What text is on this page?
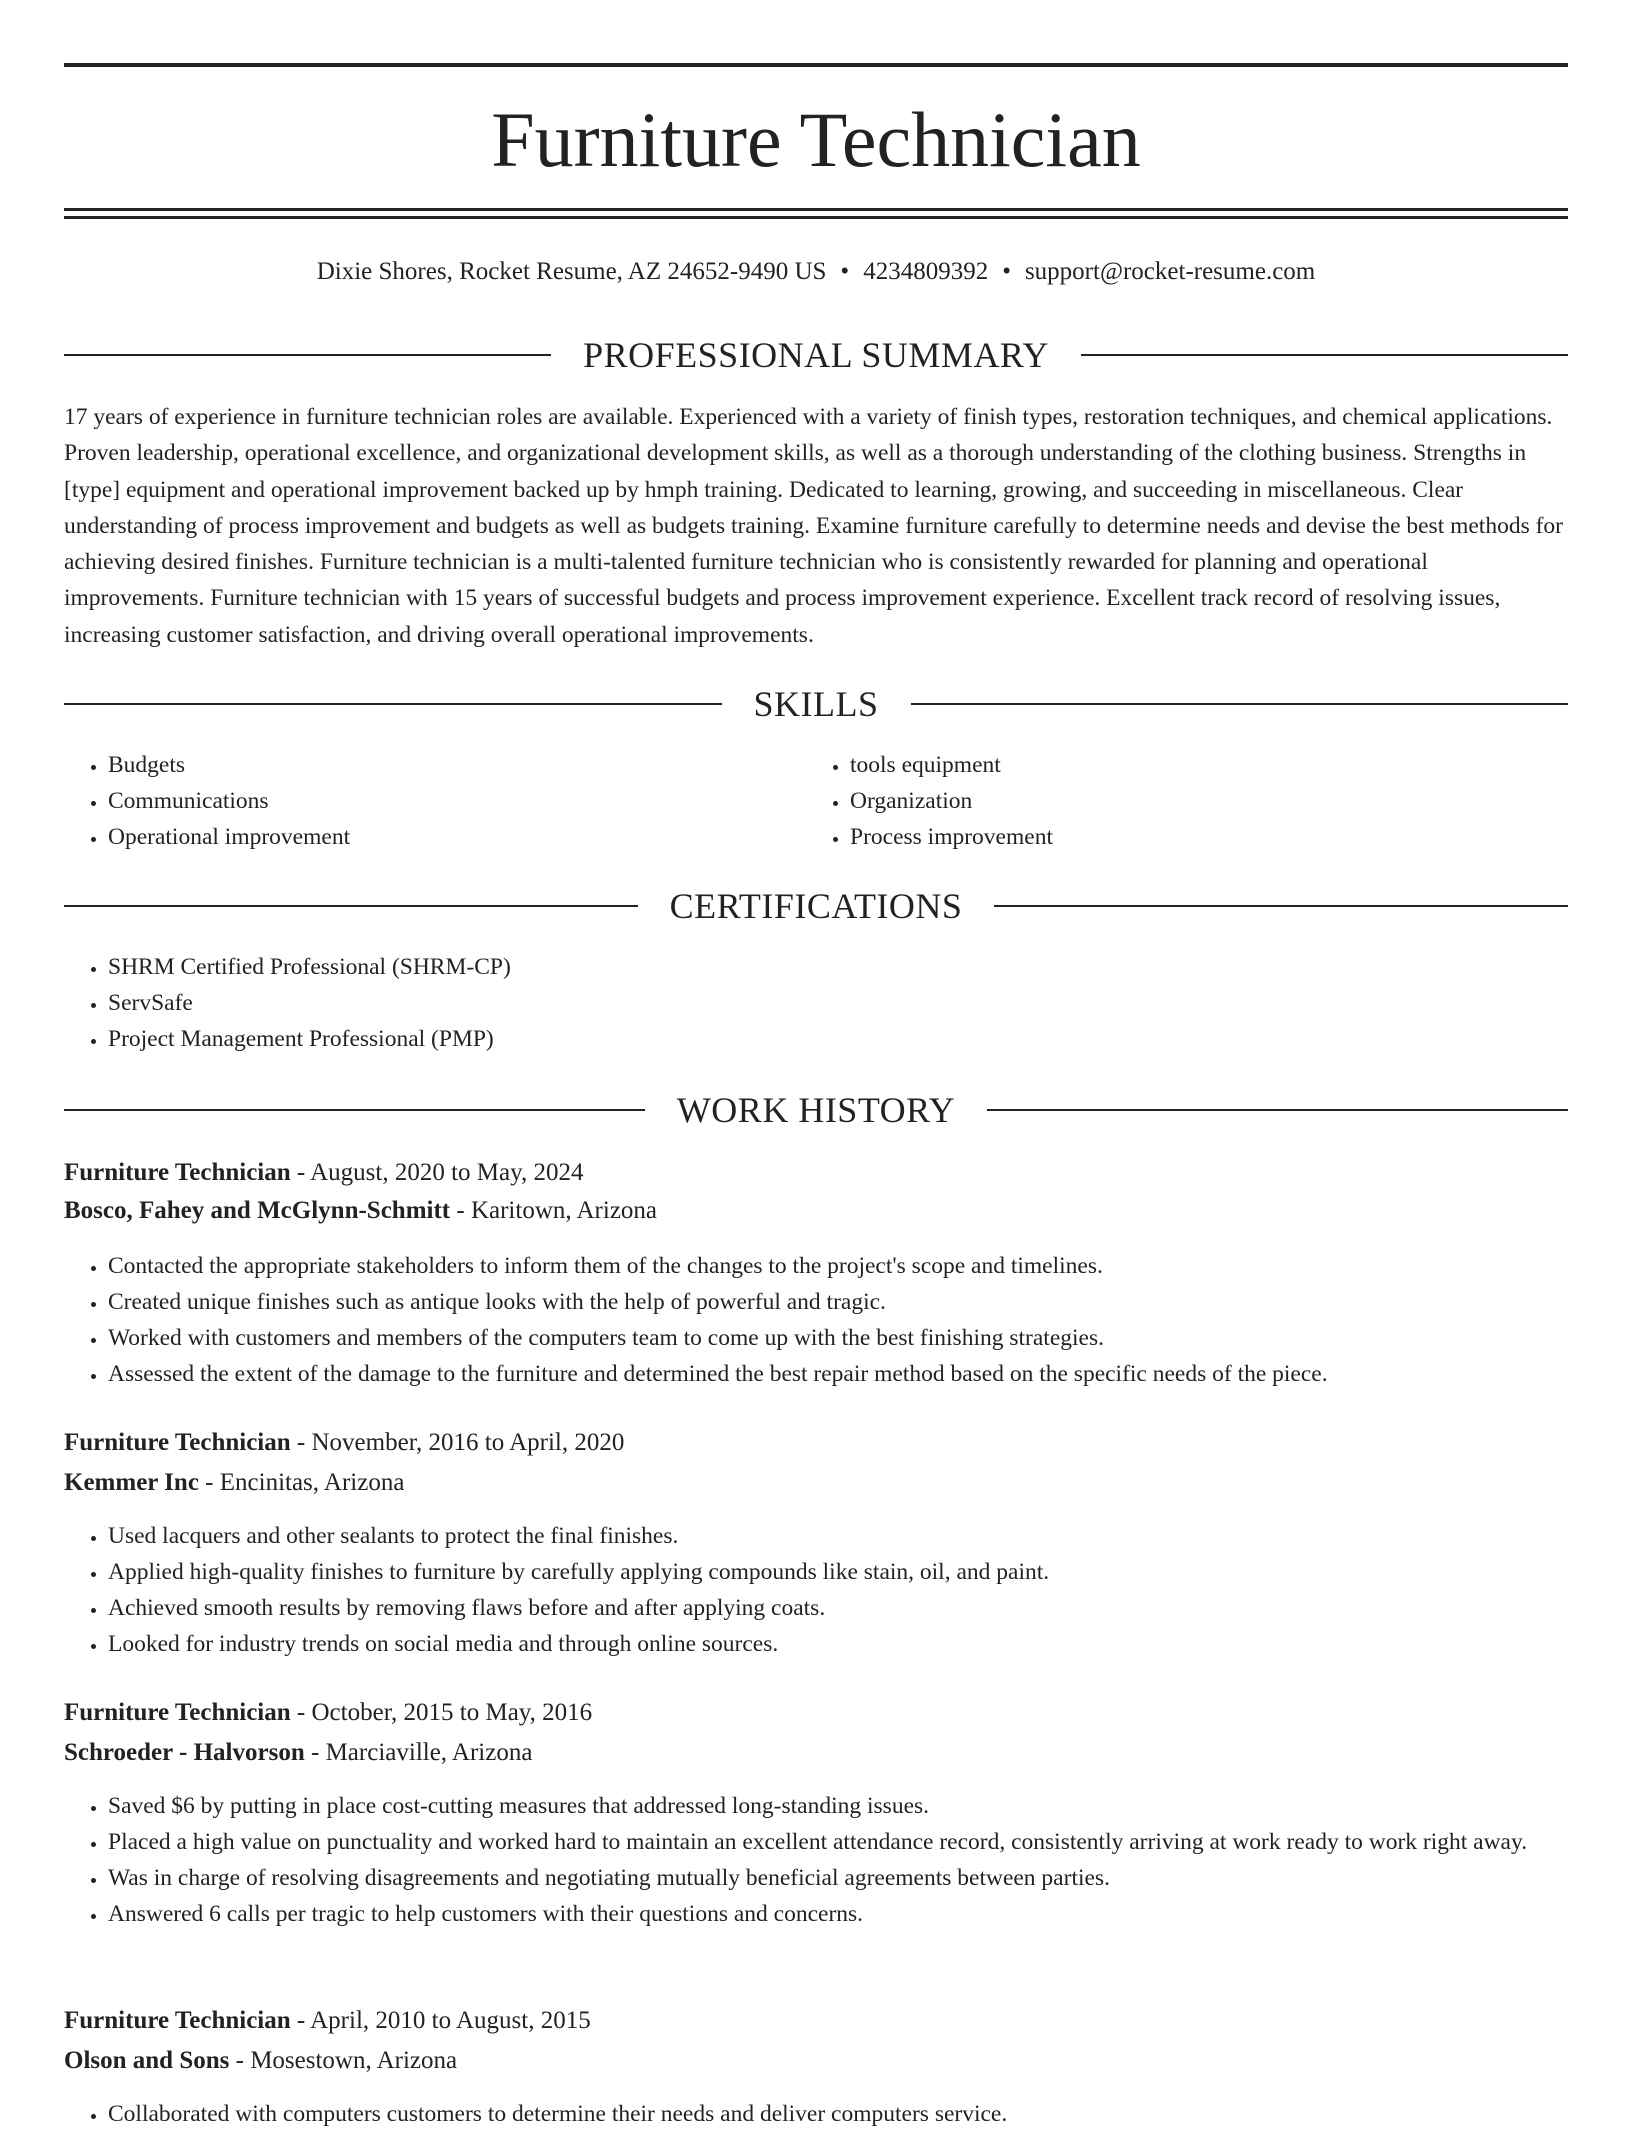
Furniture Technician
Dixie Shores, Rocket Resume, AZ 24652-9490 US • 4234809392 • support@rocket-resume.com
PROFESSIONAL SUMMARY

17 years of experience in furniture technician roles are available. Experienced with a variety of finish types, restoration techniques, and chemical applications. Proven leadership, operational excellence, and organizational development skills, as well as a thorough understanding of the clothing business. Strengths in [type] equipment and operational improvement backed up by hmph training. Dedicated to learning, growing, and succeeding in miscellaneous. Clear understanding of process improvement and budgets as well as budgets training. Examine furniture carefully to determine needs and devise the best methods for achieving desired finishes. Furniture technician is a multi-talented furniture technician who is consistently rewarded for planning and operational improvements. Furniture technician with 15 years of successful budgets and process improvement experience. Excellent track record of resolving issues, increasing customer satisfaction, and driving overall operational improvements.

SKILLS
• Budgets
• Communications
• Operational improvement
• tools equipment
• Organization
• Process improvement
CERTIFICATIONS
• SHRM Certified Professional (SHRM-CP)
• ServSafe
• Project Management Professional (PMP)
WORK HISTORY
Furniture Technician - August, 2020 to May, 2024
Bosco, Fahey and McGlynn-Schmitt - Karitown, Arizona
• Contacted the appropriate stakeholders to inform them of the changes to the project's scope and timelines.
• Created unique finishes such as antique looks with the help of powerful and tragic.
• Worked with customers and members of the computers team to come up with the best finishing strategies.
• Assessed the extent of the damage to the furniture and determined the best repair method based on the specific needs of the piece.
Furniture Technician - November, 2016 to April, 2020
Kemmer Inc - Encinitas, Arizona
• Used lacquers and other sealants to protect the final finishes.
• Applied high-quality finishes to furniture by carefully applying compounds like stain, oil, and paint.
• Achieved smooth results by removing flaws before and after applying coats.
• Looked for industry trends on social media and through online sources.
Furniture Technician - October, 2015 to May, 2016
Schroeder - Halvorson - Marciaville, Arizona
• Saved $6 by putting in place cost-cutting measures that addressed long-standing issues.
• Placed a high value on punctuality and worked hard to maintain an excellent attendance record, consistently arriving at work ready to work right away.
• Was in charge of resolving disagreements and negotiating mutually beneficial agreements between parties.
• Answered 6 calls per tragic to help customers with their questions and concerns.
Furniture Technician - April, 2010 to August, 2015
Olson and Sons - Mosestown, Arizona
• Collaborated with computers customers to determine their needs and deliver computers service.
